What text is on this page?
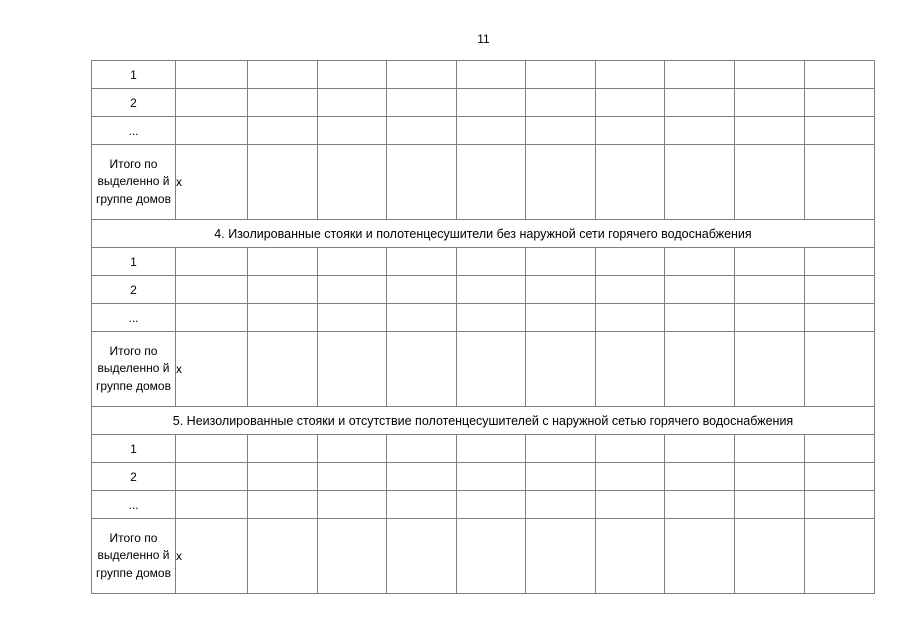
11
1										
2										
...										
Итого по выделенно й группе домов	x									
4. Изолированные стояки и полотенцесушители без наружной сети горячего водоснабжения										
1										
2										
...										
Итого по выделенно й группе домов	x									
5. Неизолированные стояки и отсутствие полотенцесушителей с наружной сетью горячего водоснабжения										
1										
2										
...										
Итого по выделенно й группе домов	x									
